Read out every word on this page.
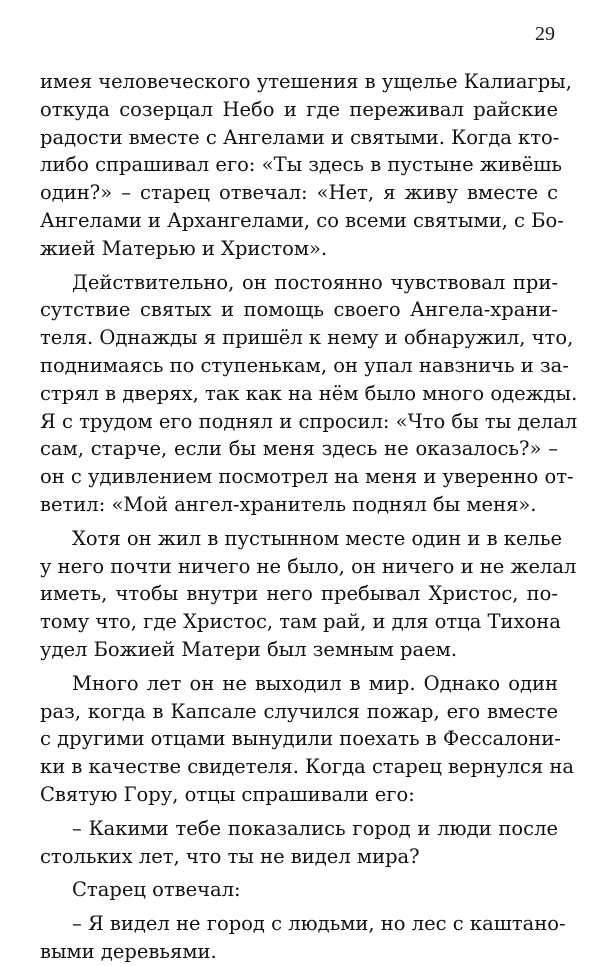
29
имея человеческого утешения в ущелье Калиагры,
откуда созерцал Небо и где переживал райские
радости вместе с Ангелами и святыми. Когда кто-
либо спрашивал его: «Ты здесь в пустыне живёшь
один?» – старец отвечал: «Нет, я живу вместе с
Ангелами и Архангелами, со всеми святыми, с Бо-
жией Матерью и Христом».
Действительно, он постоянно чувствовал при-
сутствие святых и помощь своего Ангела-храни-
теля. Однажды я пришёл к нему и обнаружил, что,
поднимаясь по ступенькам, он упал навзничь и за-
стрял в дверях, так как на нём было много одежды.
Я с трудом его поднял и спросил: «Что бы ты делал
сам, старче, если бы меня здесь не оказалось?» –
он с удивлением посмотрел на меня и уверенно от-
ветил: «Мой ангел-хранитель поднял бы меня».
Хотя он жил в пустынном месте один и в келье
у него почти ничего не было, он ничего и не желал
иметь, чтобы внутри него пребывал Христос, по-
тому что, где Христос, там рай, и для отца Тихона
удел Божией Матери был земным раем.
Много лет он не выходил в мир. Однако один
раз, когда в Капсале случился пожар, его вместе
с другими отцами вынудили поехать в Фессалони-
ки в качестве свидетеля. Когда старец вернулся на
Святую Гору, отцы спрашивали его:
– Какими тебе показались город и люди после
стольких лет, что ты не видел мира?
Старец отвечал:
– Я видел не город с людьми, но лес с каштано-
выми деревьями.
